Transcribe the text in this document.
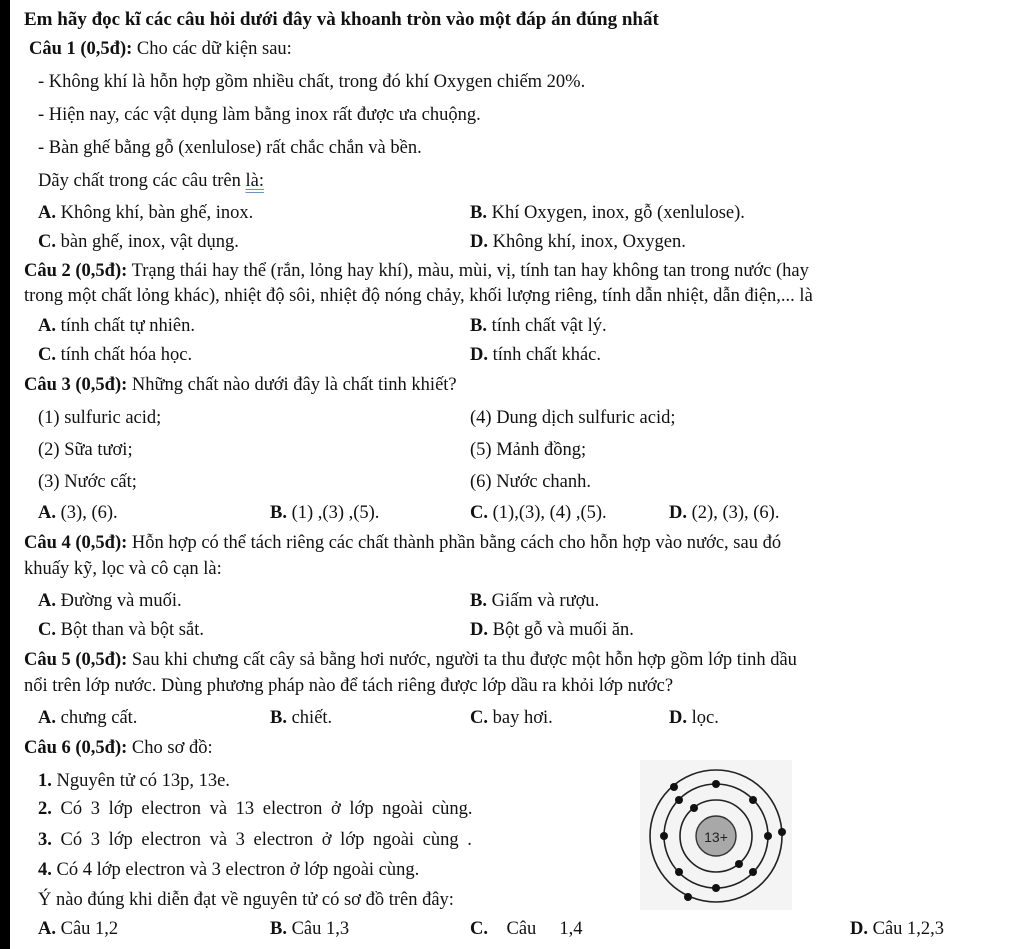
Em hãy đọc kĩ các câu hỏi dưới đây và khoanh tròn vào một đáp án đúng nhất
Câu 1 (0,5đ): Cho các dữ kiện sau:
- Không khí là hỗn hợp gồm nhiều chất, trong đó khí Oxygen chiếm 20%.
- Hiện nay, các vật dụng làm bằng inox rất được ưa chuộng.
- Bàn ghế bằng gỗ (xenlulose) rất chắc chắn và bền.
Dãy chất trong các câu trên là:
A. Không khí, bàn ghế, inox.	B. Khí Oxygen, inox, gỗ (xenlulose).
C. bàn ghế, inox, vật dụng.	D. Không khí, inox, Oxygen.
Câu 2 (0,5đ): Trạng thái hay thể (rắn, lỏng hay khí), màu, mùi, vị, tính tan hay không tan trong nước (hay
trong một chất lỏng khác), nhiệt độ sôi, nhiệt độ nóng chảy, khối lượng riêng, tính dẫn nhiệt, dẫn điện,... là
A. tính chất tự nhiên.	B. tính chất vật lý.
C. tính chất hóa học.	D. tính chất khác.
Câu 3 (0,5đ): Những chất nào dưới đây là chất tinh khiết?
(1) sulfuric acid;	(4) Dung dịch sulfuric acid;
(2) Sữa tươi;	(5) Mảnh đồng;
(3) Nước cất;	(6) Nước chanh.
A. (3), (6).	B. (1) ,(3) ,(5).	C. (1),(3), (4) ,(5).	D. (2), (3), (6).
Câu 4 (0,5đ): Hỗn hợp có thể tách riêng các chất thành phần bằng cách cho hỗn hợp vào nước, sau đó
khuấy kỹ, lọc và cô cạn là:
A. Đường và muối.	B. Giấm và rượu.
C. Bột than và bột sắt.	D. Bột gỗ và muối ăn.
Câu 5 (0,5đ): Sau khi chưng cất cây sả bằng hơi nước, người ta thu được một hỗn hợp gồm lớp tinh dầu
nổi trên lớp nước. Dùng phương pháp nào để tách riêng được lớp dầu ra khỏi lớp nước?
A. chưng cất.	B. chiết.	C. bay hơi.	D. lọc.
Câu 6 (0,5đ): Cho sơ đồ:
1. Nguyên tử có 13p, 13e.
2. Có 3 lớp electron và 13 electron ở lớp ngoài cùng.
3. Có 3 lớp electron và 3 electron ở lớp ngoài cùng .
4. Có 4 lớp electron và 3 electron ở lớp ngoài cùng.
Ý nào đúng khi diễn đạt về nguyên tử có sơ đồ trên đây:
A. Câu 1,2	B. Câu 1,3	C.    Câu     1,4	D. Câu 1,2,3
13+
